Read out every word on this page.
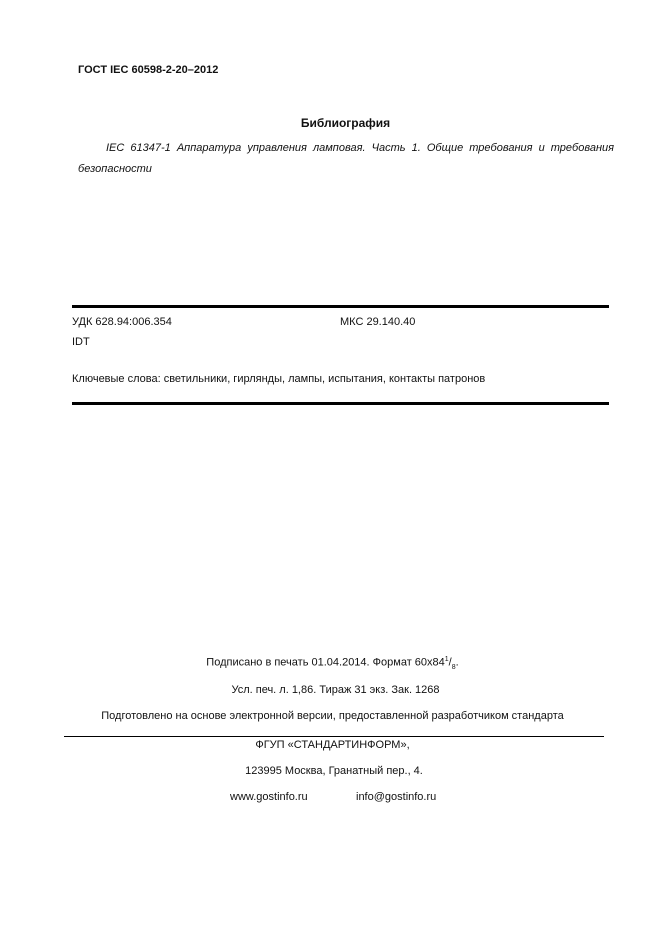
ГОСТ IEC 60598-2-20–2012
Библиография
IEC 61347-1 Аппаратура управления ламповая. Часть 1. Общие требования и требования безопасности
УДК 628.94:006.354	МКС 29.140.40
IDT
Ключевые слова: светильники, гирлянды, лампы, испытания, контакты патронов
Подписано в печать 01.04.2014. Формат $60x84^1/_8$.
Усл. печ. л. 1,86. Тираж 31 экз. Зак. 1268
Подготовлено на основе электронной версии, предоставленной разработчиком стандарта
ФГУП «СТАНДАРТИНФОРМ»,
123995 Москва, Гранатный пер., 4.
www.gostinfo.ru	info@gostinfo.ru
